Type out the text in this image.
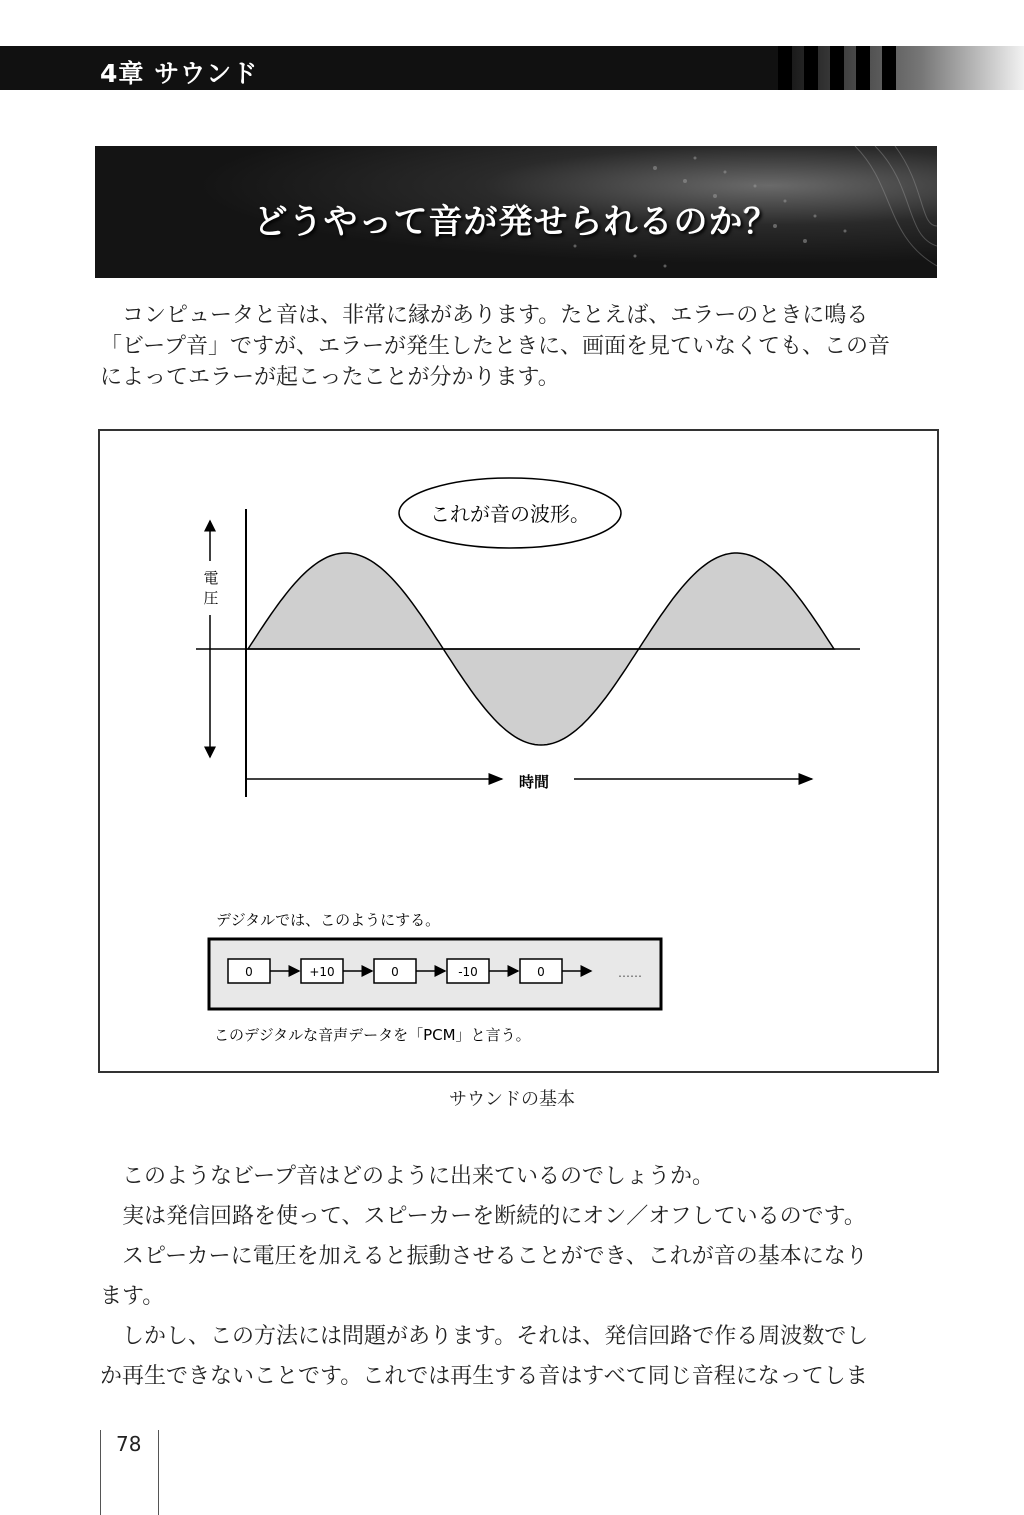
4章 サウンド
どうやって音が発せられるのか？

　コンピュータと音は、非常に縁があります。たとえば、エラーのときに鳴る

「ビープ音」ですが、エラーが発生したときに、画面を見ていなくても、この音

によってエラーが起こったことが分かります。

これが音の波形。
電
圧
時間
デジタルでは、このようにする。
0	+10	0	-10	0	……
このデジタルな音声データを「PCM」と言う。
サウンドの基本

　このようなビープ音はどのように出来ているのでしょうか。

　実は発信回路を使って、スピーカーを断続的にオン／オフしているのです。

　スピーカーに電圧を加えると振動させることができ、これが音の基本になり

ます。

　しかし、この方法には問題があります。それは、発信回路で作る周波数でし

か再生できないことです。これでは再生する音はすべて同じ音程になってしま

78
